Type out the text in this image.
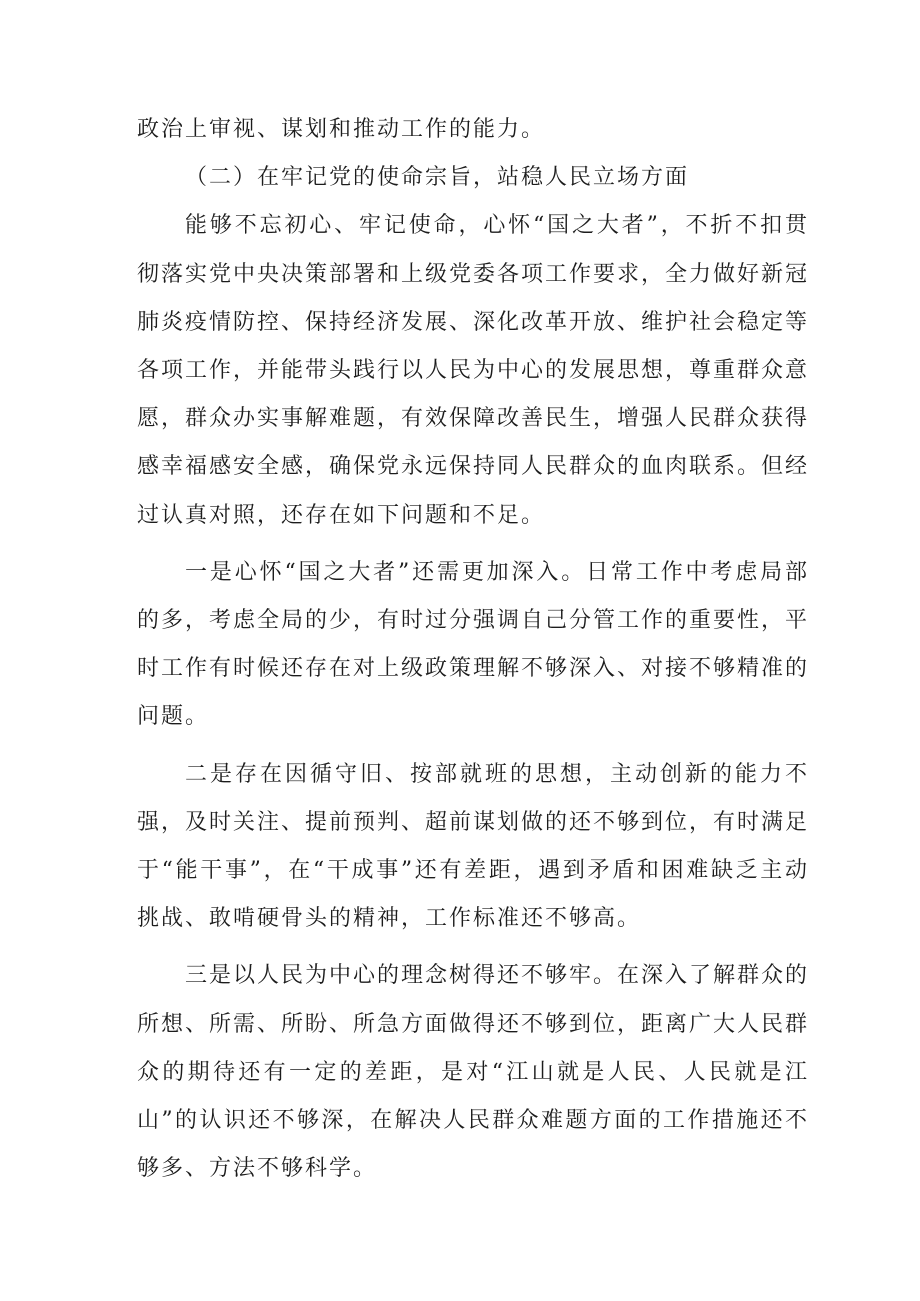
政治上审视、谋划和推动工作的能力。

（二）在牢记党的使命宗旨，站稳人民立场方面

能够不忘初心、牢记使命，心怀“国之大者”，不折不扣贯彻落实党中央决策部署和上级党委各项工作要求，全力做好新冠肺炎疫情防控、保持经济发展、深化改革开放、维护社会稳定等各项工作，并能带头践行以人民为中心的发展思想，尊重群众意愿，群众办实事解难题，有效保障改善民生，增强人民群众获得感幸福感安全感，确保党永远保持同人民群众的血肉联系。但经过认真对照，还存在如下问题和不足。

一是心怀“国之大者”还需更加深入。日常工作中考虑局部的多，考虑全局的少，有时过分强调自己分管工作的重要性，平时工作有时候还存在对上级政策理解不够深入、对接不够精准的问题。

二是存在因循守旧、按部就班的思想，主动创新的能力不强，及时关注、提前预判、超前谋划做的还不够到位，有时满足于“能干事”，在“干成事”还有差距，遇到矛盾和困难缺乏主动挑战、敢啃硬骨头的精神，工作标准还不够高。

三是以人民为中心的理念树得还不够牢。在深入了解群众的所想、所需、所盼、所急方面做得还不够到位，距离广大人民群众的期待还有一定的差距，是对“江山就是人民、人民就是江山”的认识还不够深，在解决人民群众难题方面的工作措施还不够多、方法不够科学。
